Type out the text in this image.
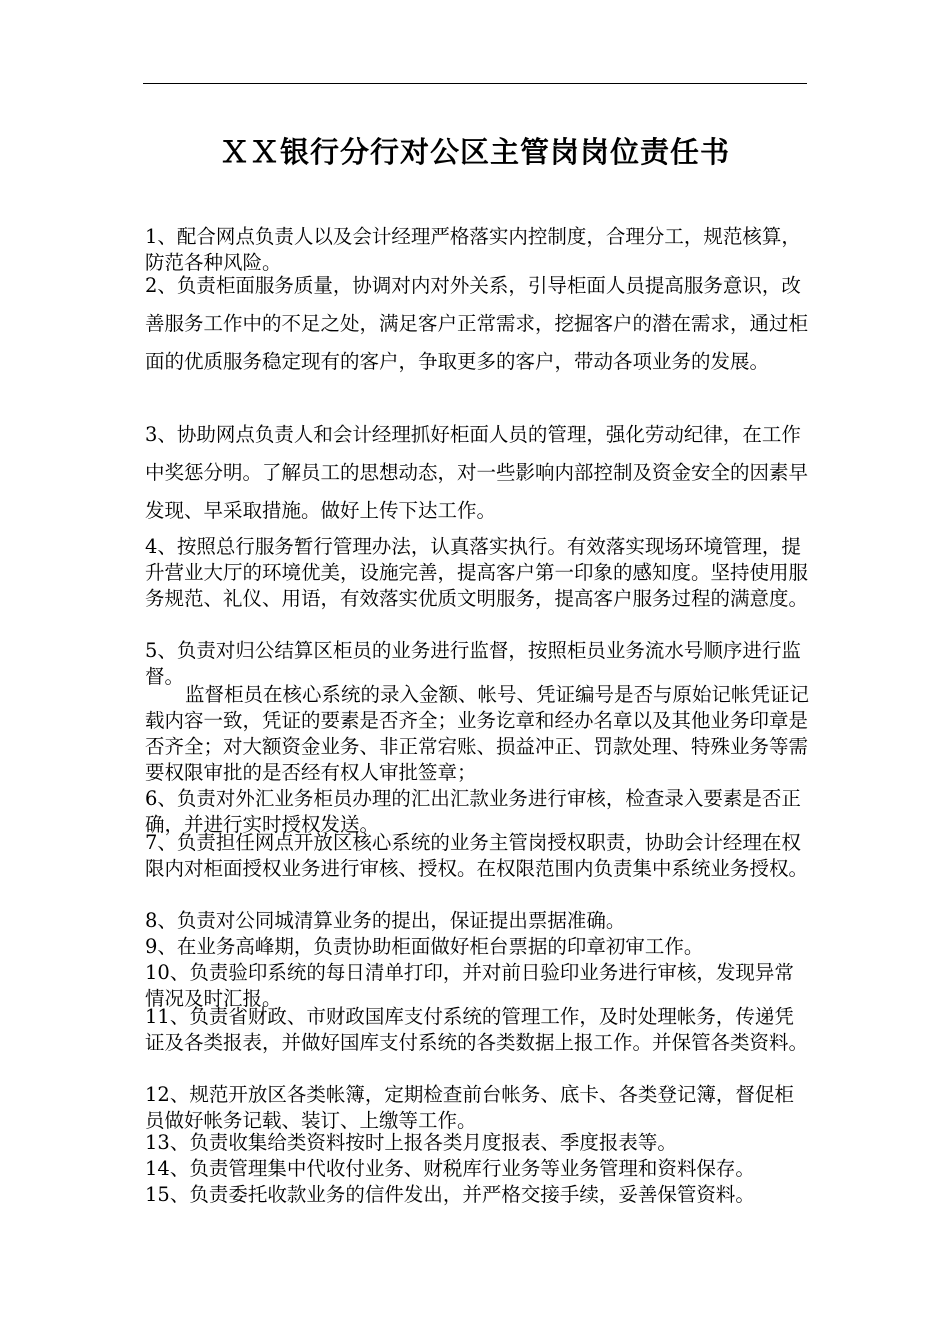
ＸＸ银行分行对公区主管岗岗位责任书

1、配合网点负责人以及会计经理严格落实内控制度，合理分工，规范核算，防范各种风险。

2、负责柜面服务质量，协调对内对外关系，引导柜面人员提高服务意识，改善服务工作中的不足之处，满足客户正常需求，挖掘客户的潜在需求，通过柜面的优质服务稳定现有的客户，争取更多的客户，带动各项业务的发展。

3、协助网点负责人和会计经理抓好柜面人员的管理，强化劳动纪律，在工作中奖惩分明。了解员工的思想动态，对一些影响内部控制及资金安全的因素早发现、早采取措施。做好上传下达工作。

4、按照总行服务暂行管理办法，认真落实执行。有效落实现场环境管理，提升营业大厅的环境优美，设施完善，提高客户第一印象的感知度。坚持使用服务规范、礼仪、用语，有效落实优质文明服务，提高客户服务过程的满意度。

5、负责对归公结算区柜员的业务进行监督，按照柜员业务流水号顺序进行监督。

监督柜员在核心系统的录入金额、帐号、凭证编号是否与原始记帐凭证记载内容一致，凭证的要素是否齐全；业务讫章和经办名章以及其他业务印章是否齐全；对大额资金业务、非正常宕账、损益冲正、罚款处理、特殊业务等需要权限审批的是否经有权人审批签章；

6、负责对外汇业务柜员办理的汇出汇款业务进行审核，检查录入要素是否正确，并进行实时授权发送。

7、负责担任网点开放区核心系统的业务主管岗授权职责，协助会计经理在权限内对柜面授权业务进行审核、授权。在权限范围内负责集中系统业务授权。

8、负责对公同城清算业务的提出，保证提出票据准确。

9、在业务高峰期，负责协助柜面做好柜台票据的印章初审工作。

10、负责验印系统的每日清单打印，并对前日验印业务进行审核，发现异常情况及时汇报。

11、负责省财政、市财政国库支付系统的管理工作，及时处理帐务，传递凭证及各类报表，并做好国库支付系统的各类数据上报工作。并保管各类资料。

12、规范开放区各类帐簿，定期检查前台帐务、底卡、各类登记簿，督促柜员做好帐务记载、装订、上缴等工作。

13、负责收集给类资料按时上报各类月度报表、季度报表等。

14、负责管理集中代收付业务、财税库行业务等业务管理和资料保存。

15、负责委托收款业务的信件发出，并严格交接手续，妥善保管资料。
